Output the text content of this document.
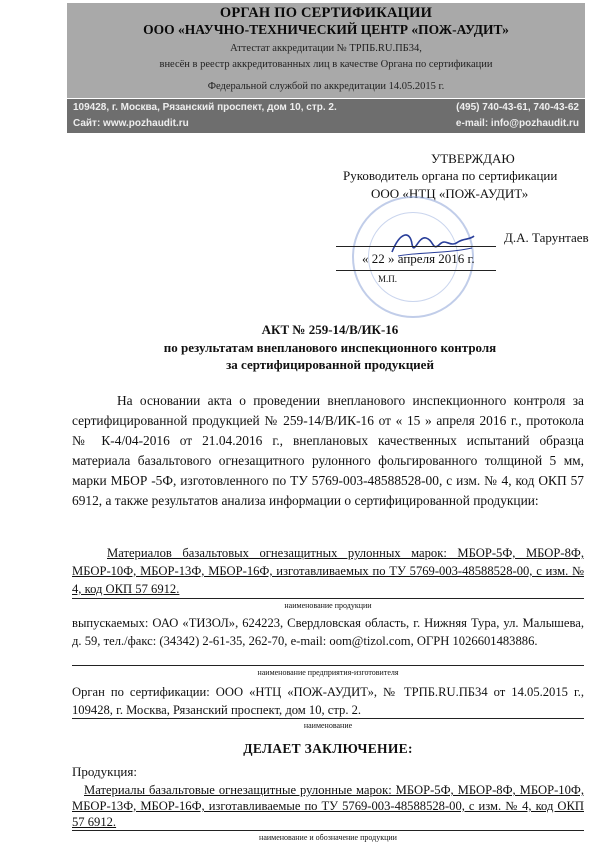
ОРГАН ПО СЕРТИФИКАЦИИ
ООО «НАУЧНО-ТЕХНИЧЕСКИЙ ЦЕНТР «ПОЖ-АУДИТ»
Аттестат аккредитации № ТРПБ.RU.ПБ34,
внесён в реестр аккредитованных лиц в качестве Органа по сертификации
Федеральной службой по аккредитации 14.05.2015 г.
109428, г. Москва, Рязанский проспект, дом 10, стр. 2.	(495) 740-43-61, 740-43-62
Сайт: www.pozhaudit.ru	e-mail: info@pozhaudit.ru
УТВЕРЖДАЮ
Руководитель органа по сертификации
ООО «НТЦ «ПОЖ-АУДИТ»
Д.А. Тарунтаев
« 22 » апреля 2016 г.
М.П.
АКТ № 259-14/В/ИК-16
по результатам внепланового инспекционного контроля
за сертифицированной продукцией
На основании акта о проведении внепланового инспекционного контроля за сертифицированной продукцией № 259-14/В/ИК-16 от « 15 » апреля 2016 г., протокола № К-4/04-2016 от 21.04.2016 г., внеплановых качественных испытаний образца материала базальтового огнезащитного рулонного фольгированного толщиной 5 мм, марки МБОР -5Ф, изготовленного по ТУ 5769-003-48588528-00, с изм. № 4, код ОКП 57 6912, а также результатов анализа информации о сертифицированной продукции:
Материалов базальтовых огнезащитных рулонных марок: МБОР-5Ф, МБОР-8Ф, МБОР-10Ф, МБОР-13Ф, МБОР-16Ф, изготавливаемых по ТУ 5769-003-48588528-00, с изм. № 4, код ОКП 57 6912.
наименование продукции
выпускаемых: ОАО «ТИЗОЛ», 624223, Свердловская область, г. Нижняя Тура, ул. Малышева, д. 59, тел./факс: (34342) 2-61-35, 262-70, e-mail: oom@tizol.com, ОГРН 1026601483886.
наименование предприятия-изготовителя
Орган по сертификации: ООО «НТЦ «ПОЖ-АУДИТ», № ТРПБ.RU.ПБ34 от 14.05.2015 г., 109428, г. Москва, Рязанский проспект, дом 10, стр. 2.
наименование
ДЕЛАЕТ ЗАКЛЮЧЕНИЕ:
Продукция:
Материалы базальтовые огнезащитные рулонные марок: МБОР-5Ф, МБОР-8Ф, МБОР-10Ф, МБОР-13Ф, МБОР-16Ф, изготавливаемые по ТУ 5769-003-48588528-00, с изм. № 4, код ОКП 57 6912.
наименование и обозначение продукции
